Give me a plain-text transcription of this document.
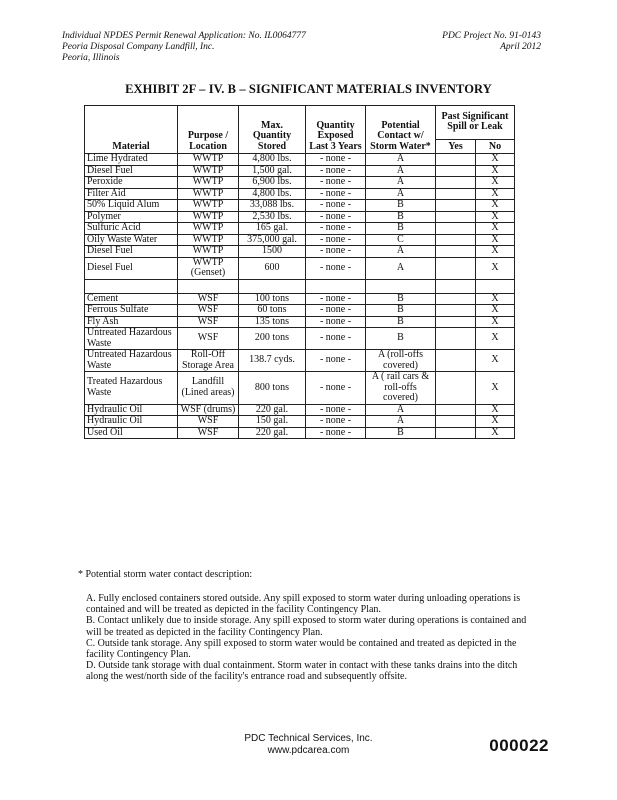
Individual NPDES Permit Renewal Application: No. IL0064777
Peoria Disposal Company Landfill, Inc.
Peoria, Illinois
PDC Project No. 91-0143
April 2012
EXHIBIT 2F – IV. B – SIGNIFICANT MATERIALS INVENTORY
Material	Purpose / Location	Max. Quantity Stored	Quantity Exposed Last 3 Years	Potential Contact w/ Storm Water*	Past Significant Spill or Leak	
					Yes	No
Lime Hydrated	WWTP	4,800 lbs.	- none -	A		X
Diesel Fuel	WWTP	1,500 gal.	- none -	A		X
Peroxide	WWTP	6,900 lbs.	- none -	A		X
Filter Aid	WWTP	4,800 lbs.	- none -	A		X
50% Liquid Alum	WWTP	33,088 lbs.	- none -	B		X
Polymer	WWTP	2,530 lbs.	- none -	B		X
Sulfuric Acid	WWTP	165 gal.	- none -	B		X
Oily Waste Water	WWTP	375,000 gal.	- none -	C		X
Diesel Fuel	WWTP	1500	- none -	A		X
Diesel Fuel	WWTP (Genset)	600	- none -	A		X

Cement	WSF	100 tons	- none -	B		X
Ferrous Sulfate	WSF	60 tons	- none -	B		X
Fly Ash	WSF	135 tons	- none -	B		X
Untreated Hazardous Waste	WSF	200 tons	- none -	B		X
Untreated Hazardous Waste	Roll-Off Storage Area	138.7 cyds.	- none -	A (roll-offs covered)		X
Treated Hazardous Waste	Landfill (Lined areas)	800 tons	- none -	A ( rail cars & roll-offs covered)		X
Hydraulic Oil	WSF (drums)	220 gal.	- none -	A		X
Hydraulic Oil	WSF	150 gal.	- none -	A		X
Used Oil	WSF	220 gal.	- none -	B		X
* Potential storm water contact description:
A. Fully enclosed containers stored outside. Any spill exposed to storm water during unloading operations is contained and will be treated as depicted in the facility Contingency Plan.
B. Contact unlikely due to inside storage. Any spill exposed to storm water during operations is contained and will be treated as depicted in the facility Contingency Plan.
C. Outside tank storage. Any spill exposed to storm water would be contained and treated as depicted in the facility Contingency Plan.
D. Outside tank storage with dual containment. Storm water in contact with these tanks drains into the ditch along the west/north side of the facility's entrance road and subsequently offsite.
PDC Technical Services, Inc.
www.pdcarea.com	000022
